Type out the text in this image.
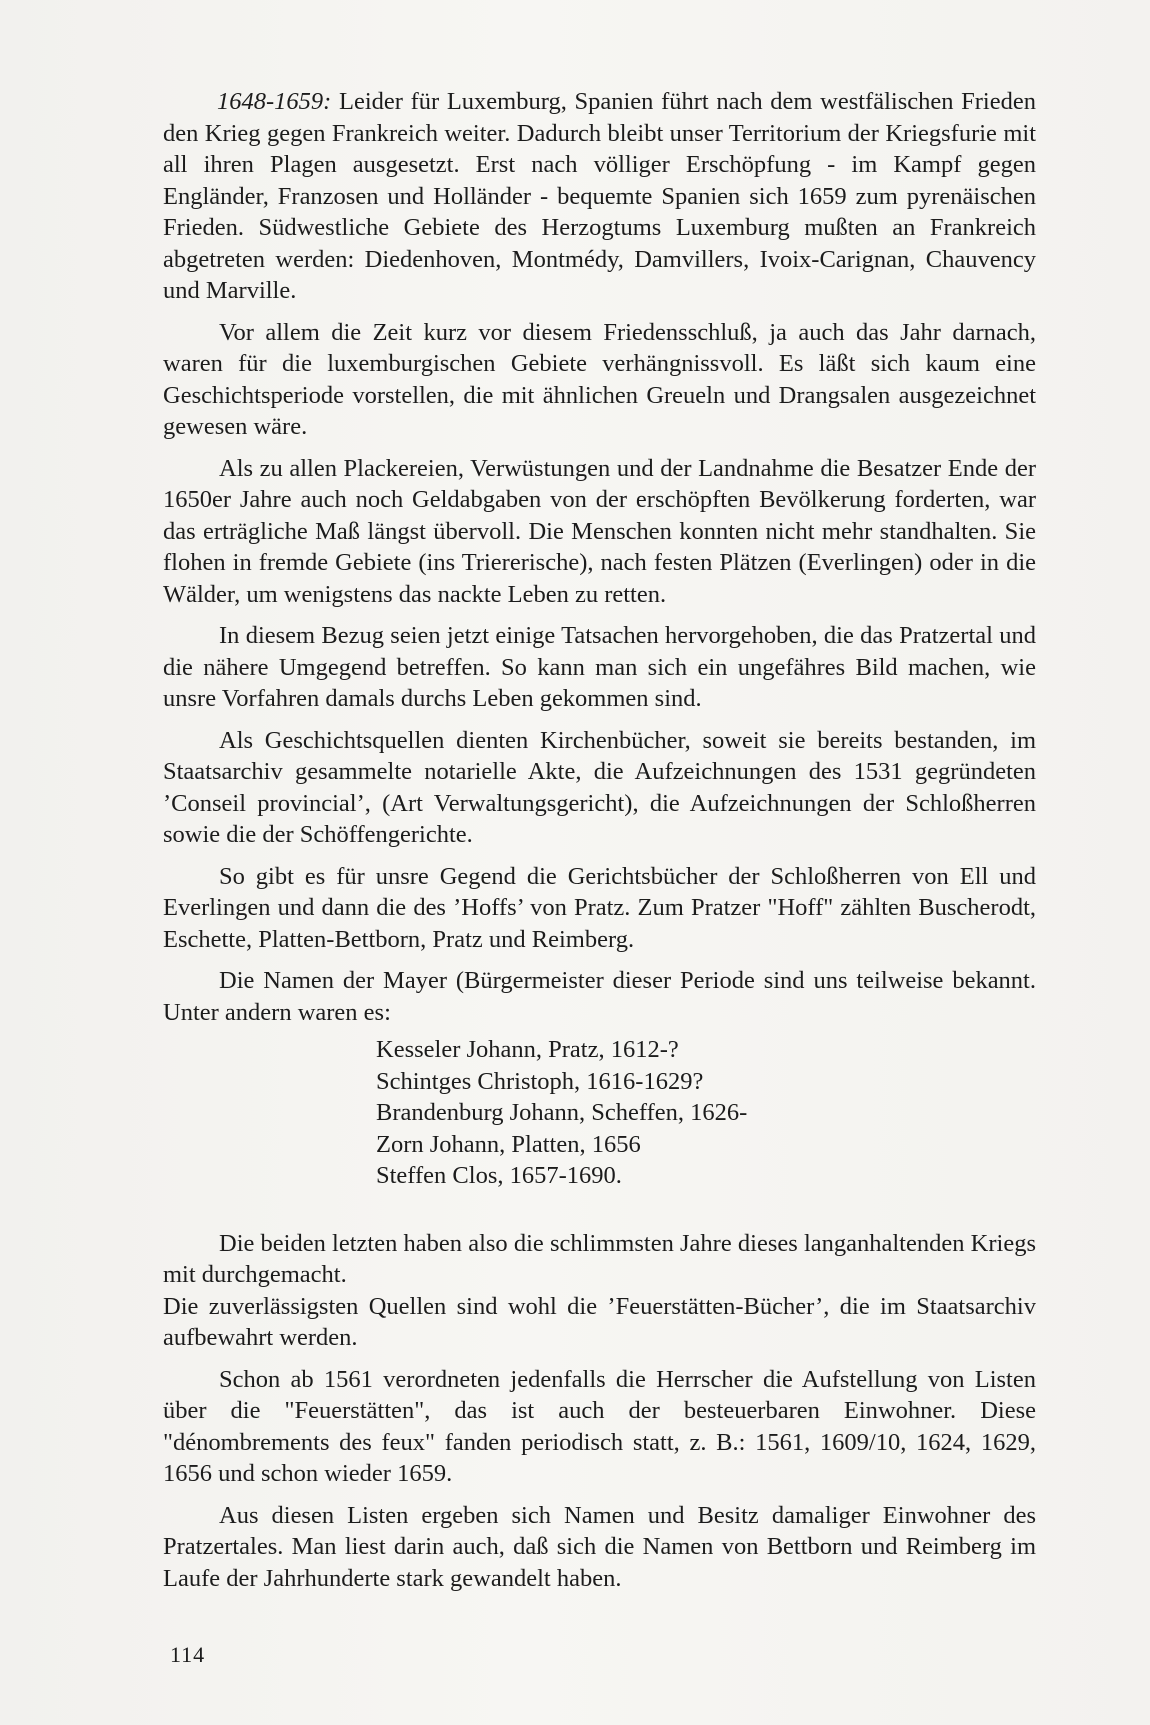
1648-1659: Leider für Luxemburg, Spanien führt nach dem westfälischen Frieden den Krieg gegen Frankreich weiter. Dadurch bleibt unser Territorium der Kriegsfurie mit all ihren Plagen ausgesetzt. Erst nach völliger Erschöpfung - im Kampf gegen Engländer, Franzosen und Holländer - bequemte Spanien sich 1659 zum pyrenäischen Frieden. Südwestliche Gebiete des Herzogtums Luxemburg mußten an Frankreich abgetreten werden: Diedenhoven, Montmédy, Damvillers, Ivoix-Carignan, Chauvency und Marville.

Vor allem die Zeit kurz vor diesem Friedensschluß, ja auch das Jahr darnach, waren für die luxemburgischen Gebiete verhängnissvoll. Es läßt sich kaum eine Geschichtsperiode vorstellen, die mit ähnlichen Greueln und Drangsalen ausgezeichnet gewesen wäre.

Als zu allen Plackereien, Verwüstungen und der Landnahme die Besatzer Ende der 1650er Jahre auch noch Geldabgaben von der erschöpften Bevölkerung forderten, war das erträgliche Maß längst übervoll. Die Menschen konnten nicht mehr standhalten. Sie flohen in fremde Gebiete (ins Triererische), nach festen Plätzen (Everlingen) oder in die Wälder, um wenigstens das nackte Leben zu retten.

In diesem Bezug seien jetzt einige Tatsachen hervorgehoben, die das Pratzertal und die nähere Umgegend betreffen. So kann man sich ein ungefähres Bild machen, wie unsre Vorfahren damals durchs Leben gekommen sind.

Als Geschichtsquellen dienten Kirchenbücher, soweit sie bereits bestanden, im Staatsarchiv gesammelte notarielle Akte, die Aufzeichnungen des 1531 gegründeten ’Conseil provincial’, (Art Verwaltungsgericht), die Aufzeichnungen der Schloßherren sowie die der Schöffengerichte.

So gibt es für unsre Gegend die Gerichtsbücher der Schloßherren von Ell und Everlingen und dann die des ’Hoffs’ von Pratz. Zum Pratzer "Hoff" zählten Buscherodt, Eschette, Platten-Bettborn, Pratz und Reimberg.

Die Namen der Mayer (Bürgermeister dieser Periode sind uns teilweise bekannt. Unter andern waren es:

Kesseler Johann, Pratz, 1612-?
Schintges Christoph, 1616-1629?
Brandenburg Johann, Scheffen, 1626-
Zorn Johann, Platten, 1656
Steffen Clos, 1657-1690.

Die beiden letzten haben also die schlimmsten Jahre dieses langanhaltenden Kriegs mit durchgemacht.

Die zuverlässigsten Quellen sind wohl die ’Feuerstätten-Bücher’, die im Staatsarchiv aufbewahrt werden.

Schon ab 1561 verordneten jedenfalls die Herrscher die Aufstellung von Listen über die "Feuerstätten", das ist auch der besteuerbaren Einwohner. Diese "dénombrements des feux" fanden periodisch statt, z. B.: 1561, 1609/10, 1624, 1629, 1656 und schon wieder 1659.

Aus diesen Listen ergeben sich Namen und Besitz damaliger Einwohner des Pratzertales. Man liest darin auch, daß sich die Namen von Bettborn und Reimberg im Laufe der Jahrhunderte stark gewandelt haben.

114
